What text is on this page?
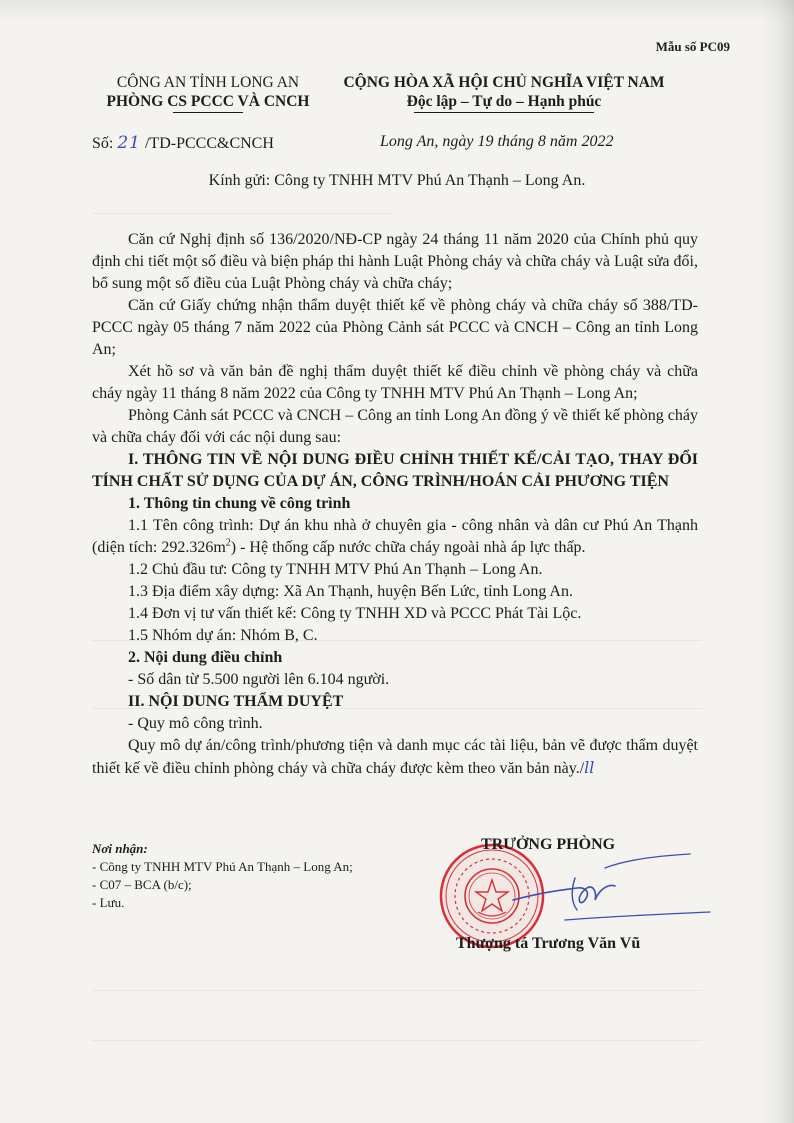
Mẫu số PC09
CÔNG AN TỈNH LONG AN
PHÒNG CS PCCC VÀ CNCH
CỘNG HÒA XÃ HỘI CHỦ NGHĨA VIỆT NAM
Độc lập – Tự do – Hạnh phúc
Số: 21 /TD-PCCC&CNCH	Long An, ngày 19 tháng 8 năm 2022
Kính gửi: Công ty TNHH MTV Phú An Thạnh – Long An.

Căn cứ Nghị định số 136/2020/NĐ-CP ngày 24 tháng 11 năm 2020 của Chính phủ quy định chi tiết một số điều và biện pháp thi hành Luật Phòng cháy và chữa cháy và Luật sửa đổi, bổ sung một số điều của Luật Phòng cháy và chữa cháy;

Căn cứ Giấy chứng nhận thẩm duyệt thiết kế về phòng cháy và chữa cháy số 388/TD-PCCC ngày 05 tháng 7 năm 2022 của Phòng Cảnh sát PCCC và CNCH – Công an tỉnh Long An;

Xét hồ sơ và văn bản đề nghị thẩm duyệt thiết kế điều chỉnh về phòng cháy và chữa cháy ngày 11 tháng 8 năm 2022 của Công ty TNHH MTV Phú An Thạnh – Long An;

Phòng Cảnh sát PCCC và CNCH – Công an tỉnh Long An đồng ý về thiết kế phòng cháy và chữa cháy đối với các nội dung sau:

I. THÔNG TIN VỀ NỘI DUNG ĐIỀU CHỈNH THIẾT KẾ/CẢI TẠO, THAY ĐỔI TÍNH CHẤT SỬ DỤNG CỦA DỰ ÁN, CÔNG TRÌNH/HOÁN CẢI PHƯƠNG TIỆN
1. Thông tin chung về công trình
1.1 Tên công trình: Dự án khu nhà ở chuyên gia - công nhân và dân cư Phú An Thạnh (diện tích: $292.326m^2$) - Hệ thống cấp nước chữa cháy ngoài nhà áp lực thấp.
1.2 Chủ đầu tư: Công ty TNHH MTV Phú An Thạnh – Long An.
1.3 Địa điểm xây dựng: Xã An Thạnh, huyện Bến Lức, tỉnh Long An.
1.4 Đơn vị tư vấn thiết kế: Công ty TNHH XD và PCCC Phát Tài Lộc.
1.5 Nhóm dự án: Nhóm B, C.
2. Nội dung điều chỉnh
- Số dân từ 5.500 người lên 6.104 người.
II. NỘI DUNG THẨM DUYỆT
- Quy mô công trình.

Quy mô dự án/công trình/phương tiện và danh mục các tài liệu, bản vẽ được thẩm duyệt thiết kế về điều chỉnh phòng cháy và chữa cháy được kèm theo văn bản này./ll

Nơi nhận:
- Công ty TNHH MTV Phú An Thạnh – Long An;
- C07 – BCA (b/c);
- Lưu.
TRƯỞNG PHÒNG
Thượng tá Trương Văn Vũ
